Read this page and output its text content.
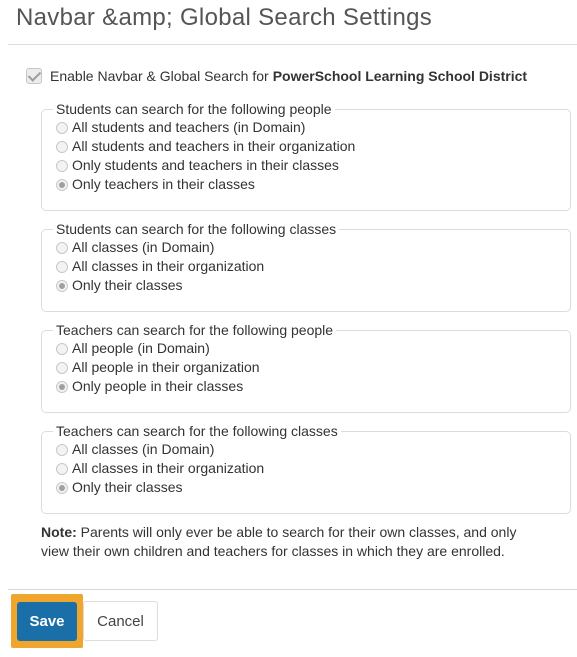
Navbar &amp; Global Search Settings
Enable Navbar & Global Search for PowerSchool Learning School District
Students can search for the following people
All students and teachers (in Domain)
All students and teachers in their organization
Only students and teachers in their classes
Only teachers in their classes
Students can search for the following classes
All classes (in Domain)
All classes in their organization
Only their classes
Teachers can search for the following people
All people (in Domain)
All people in their organization
Only people in their classes
Teachers can search for the following classes
All classes (in Domain)
All classes in their organization
Only their classes
Note: Parents will only ever be able to search for their own classes, and only view their own children and teachers for classes in which they are enrolled.
Save	Cancel
